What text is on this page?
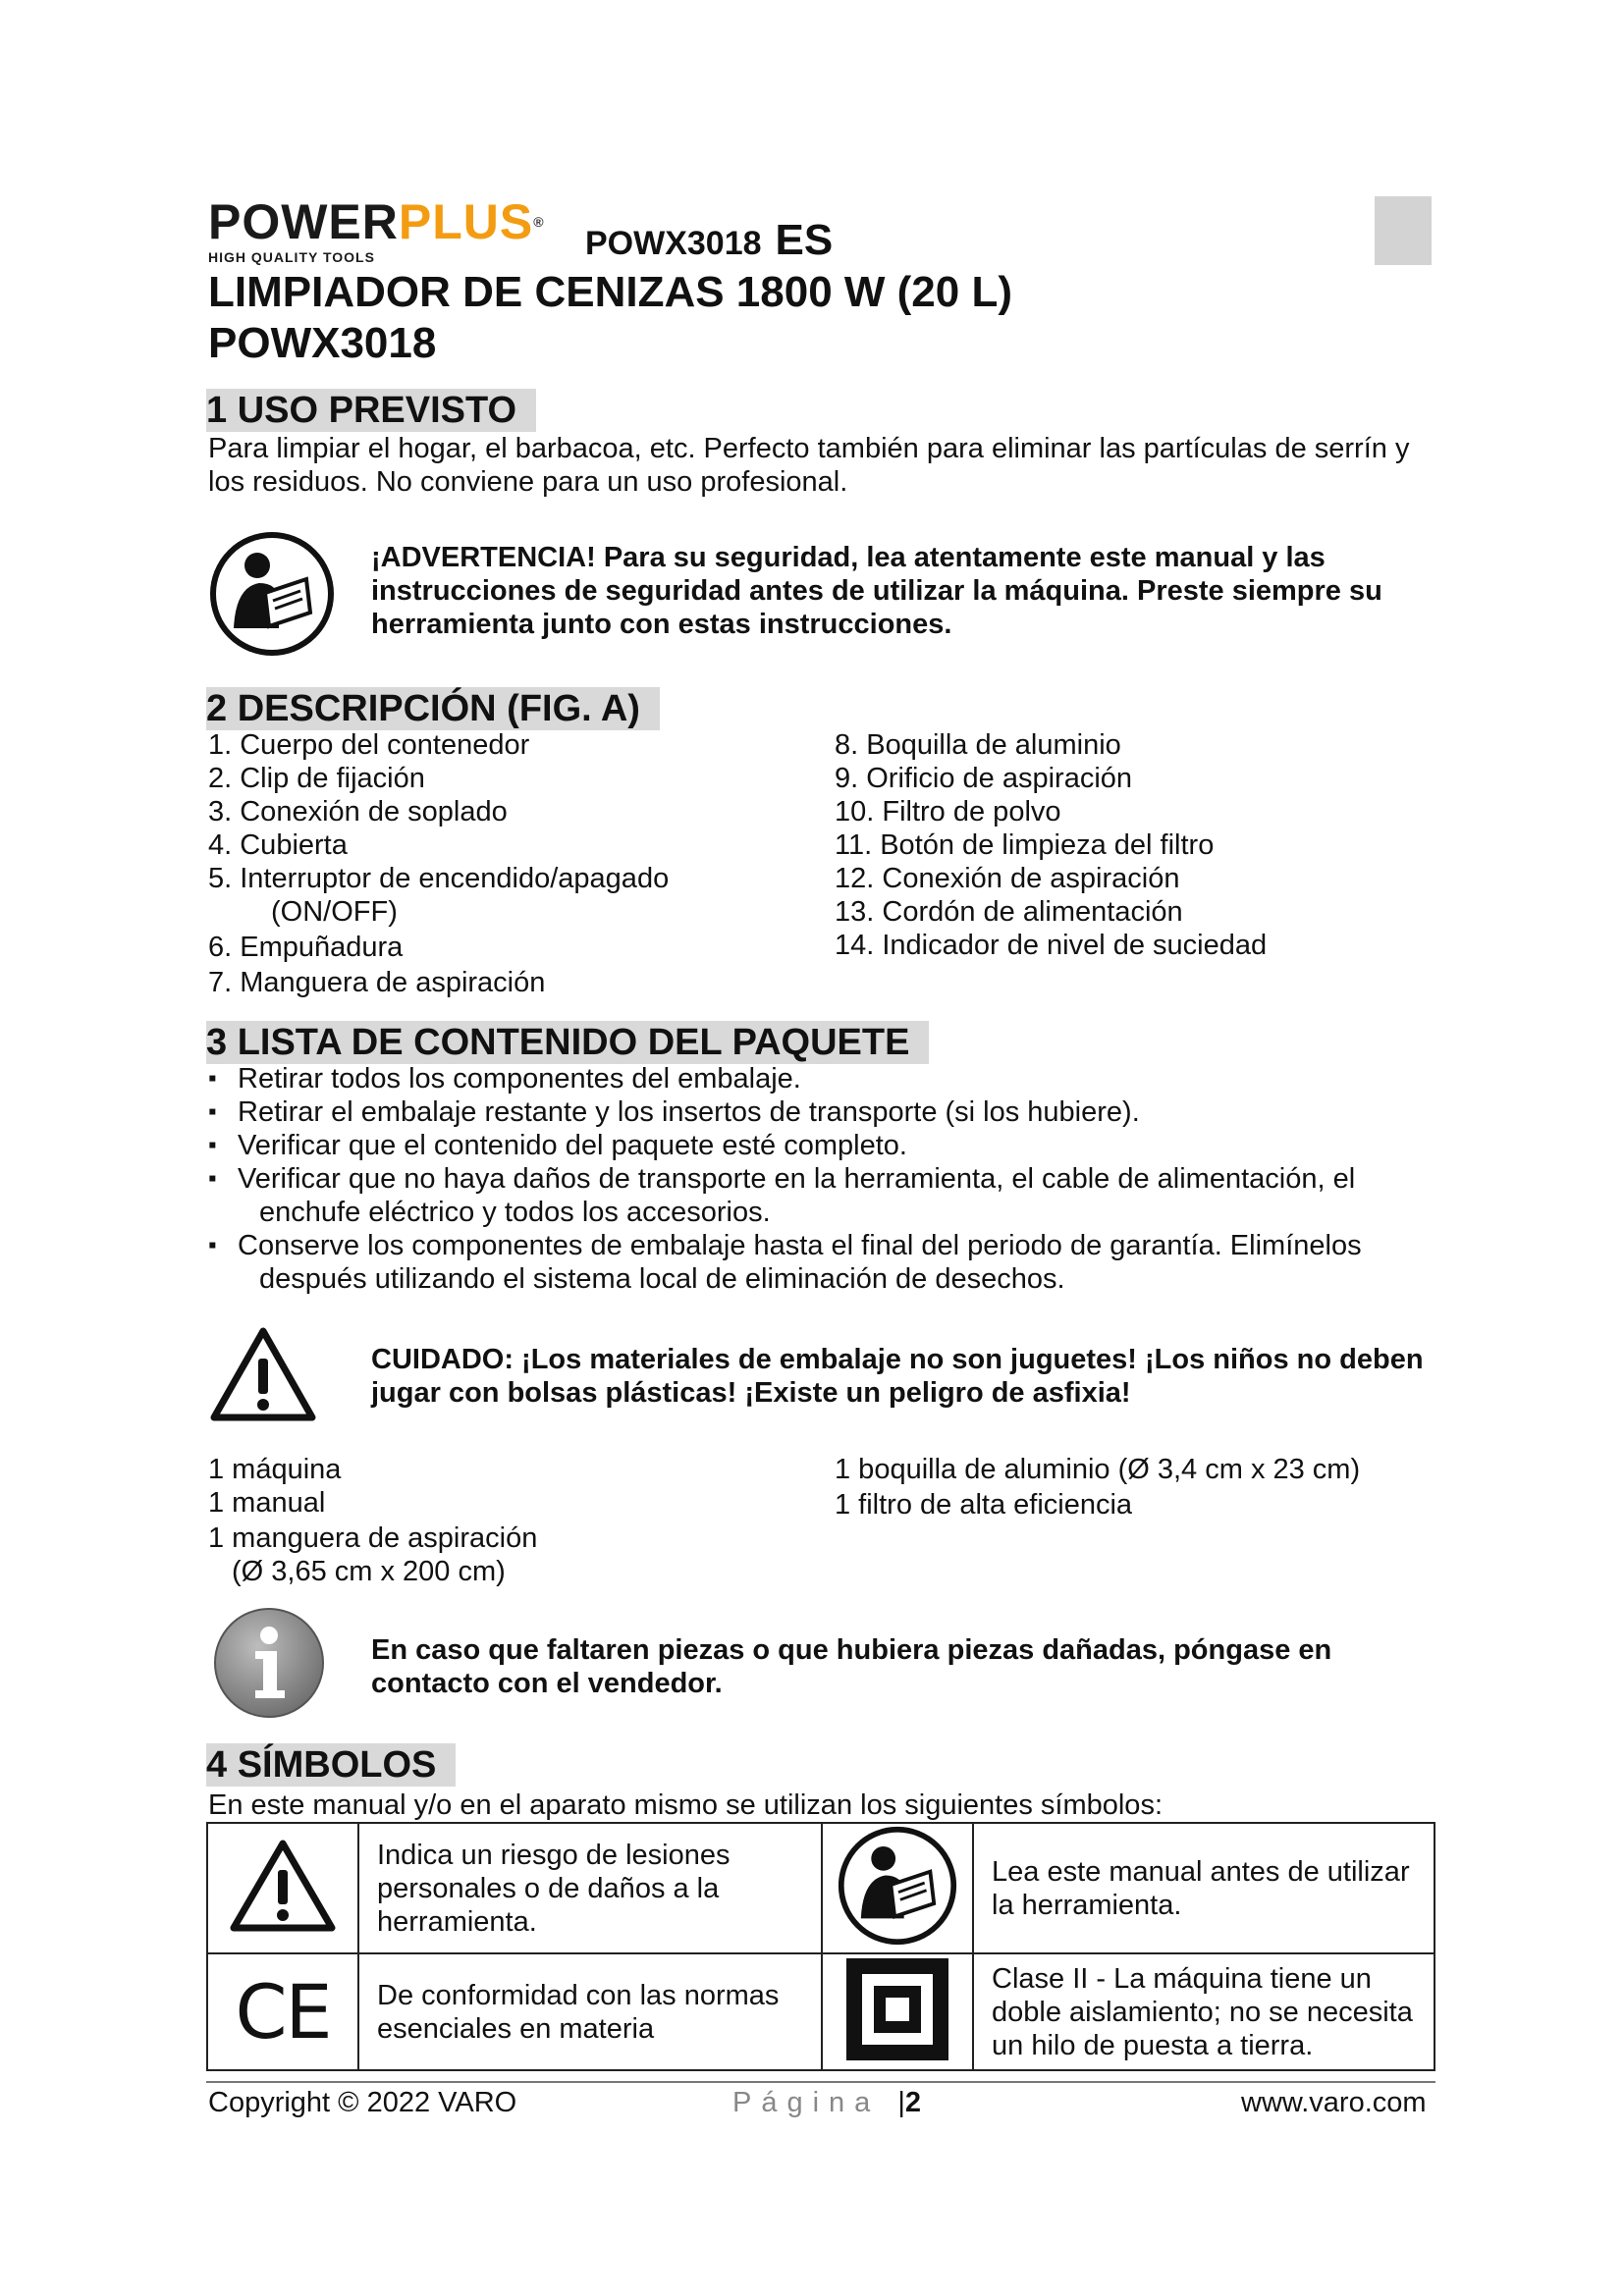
POWERPLUS®
HIGH QUALITY TOOLS	POWX3018 ES
LIMPIADOR DE CENIZAS 1800 W (20 L)
POWX3018
1 USO PREVISTO
Para limpiar el hogar, el barbacoa, etc. Perfecto también para eliminar las partículas de serrín y los residuos. No conviene para un uso profesional.
¡ADVERTENCIA! Para su seguridad, lea atentamente este manual y las instrucciones de seguridad antes de utilizar la máquina. Preste siempre su herramienta junto con estas instrucciones.
2 DESCRIPCIÓN (FIG. A)
1. Cuerpo del contenedor
2. Clip de fijación
3. Conexión de soplado
4. Cubierta
5. Interruptor de encendido/apagado
(ON/OFF)
6. Empuñadura
7. Manguera de aspiración
8. Boquilla de aluminio
9. Orificio de aspiración
10. Filtro de polvo
11. Botón de limpieza del filtro
12. Conexión de aspiración
13. Cordón de alimentación
14. Indicador de nivel de suciedad
3 LISTA DE CONTENIDO DEL PAQUETE
▪ Retirar todos los componentes del embalaje.
▪ Retirar el embalaje restante y los insertos de transporte (si los hubiere).
▪ Verificar que el contenido del paquete esté completo.
▪ Verificar que no haya daños de transporte en la herramienta, el cable de alimentación, el
enchufe eléctrico y todos los accesorios.
▪ Conserve los componentes de embalaje hasta el final del periodo de garantía. Elimínelos
después utilizando el sistema local de eliminación de desechos.
CUIDADO: ¡Los materiales de embalaje no son juguetes! ¡Los niños no deben jugar con bolsas plásticas! ¡Existe un peligro de asfixia!
1 máquina
1 manual
1 manguera de aspiración
(Ø 3,65 cm x 200 cm)
1 boquilla de aluminio (Ø 3,4 cm x 23 cm)
1 filtro de alta eficiencia
En caso que faltaren piezas o que hubiera piezas dañadas, póngase en contacto con el vendedor.
4 SÍMBOLOS
En este manual y/o en el aparato mismo se utilizan los siguientes símbolos:
	Indica un riesgo de lesiones personales o de daños a la herramienta.		Lea este manual antes de utilizar la herramienta.
CE	De conformidad con las normas esenciales en materia		Clase II - La máquina tiene un doble aislamiento; no se necesita un hilo de puesta a tierra.
Copyright © 2022 VARO	Página |2	www.varo.com
